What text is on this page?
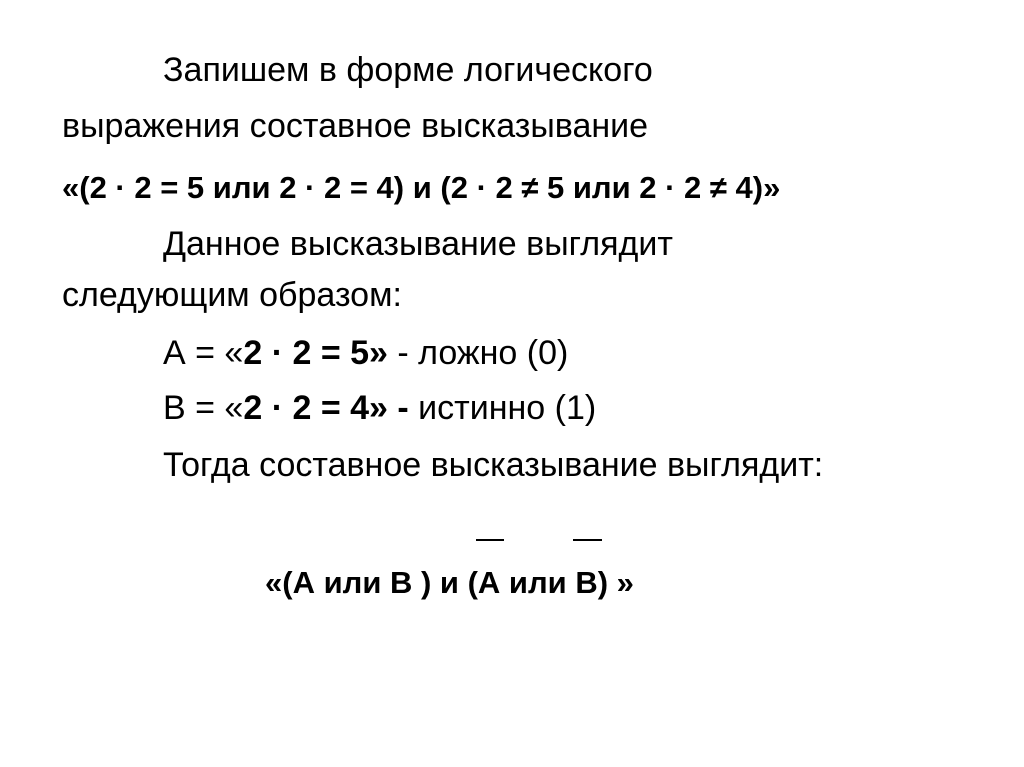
Запишем в форме логического
выражения составное высказывание
«(2 · 2 = 5 или 2 · 2 = 4) и (2 · 2 ≠ 5 или 2 · 2 ≠ 4)»
Данное высказывание выглядит
следующим образом:
А = «2 · 2 = 5» - ложно (0)
В = «2 · 2 = 4» - истинно (1)
Тогда составное высказывание выглядит:
«(А или В ) и (А или В) »
